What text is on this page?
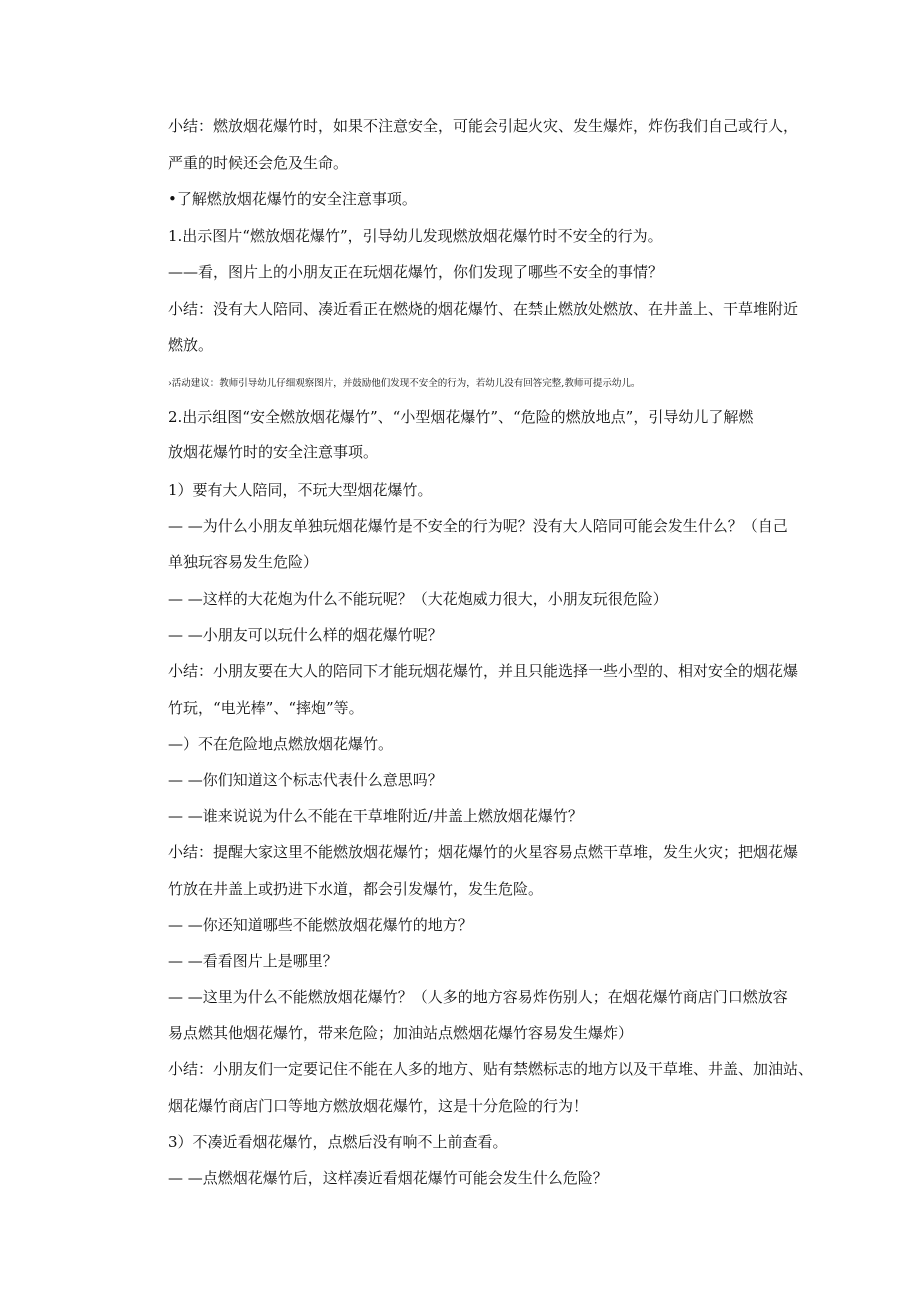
小结：燃放烟花爆竹时，如果不注意安全，可能会引起火灾、发生爆炸，炸伤我们自己或行人，
严重的时候还会危及生命。
•了解燃放烟花爆竹的安全注意事项。
1.出示图片“燃放烟花爆竹”，引导幼儿发现燃放烟花爆竹时不安全的行为。
——看，图片上的小朋友正在玩烟花爆竹，你们发现了哪些不安全的事情？
小结：没有大人陪同、凑近看正在燃烧的烟花爆竹、在禁止燃放处燃放、在井盖上、干草堆附近
燃放。
›活动建议：教师引导幼儿仔细观察图片，并鼓励他们发现不安全的行为，若幼儿没有回答完整,教师可提示幼儿。
2.出示组图“安全燃放烟花爆竹”、“小型烟花爆竹”、“危险的燃放地点”，引导幼儿了解燃
放烟花爆竹时的安全注意事项。
1）要有大人陪同，不玩大型烟花爆竹。
— —为什么小朋友单独玩烟花爆竹是不安全的行为呢？没有大人陪同可能会发生什么？（自己
单独玩容易发生危险）
— —这样的大花炮为什么不能玩呢？（大花炮威力很大，小朋友玩很危险）
— —小朋友可以玩什么样的烟花爆竹呢？
小结：小朋友要在大人的陪同下才能玩烟花爆竹，并且只能选择一些小型的、相对安全的烟花爆
竹玩，“电光棒”、“摔炮”等。
—）不在危险地点燃放烟花爆竹。
— —你们知道这个标志代表什么意思吗？
— —谁来说说为什么不能在干草堆附近/井盖上燃放烟花爆竹？
小结：提醒大家这里不能燃放烟花爆竹；烟花爆竹的火星容易点燃干草堆，发生火灾；把烟花爆
竹放在井盖上或扔进下水道，都会引发爆竹，发生危险。
— —你还知道哪些不能燃放烟花爆竹的地方？
— —看看图片上是哪里？
— —这里为什么不能燃放烟花爆竹？（人多的地方容易炸伤别人；在烟花爆竹商店门口燃放容
易点燃其他烟花爆竹，带来危险；加油站点燃烟花爆竹容易发生爆炸）
小结：小朋友们一定要记住不能在人多的地方、贴有禁燃标志的地方以及干草堆、井盖、加油站、
烟花爆竹商店门口等地方燃放烟花爆竹，这是十分危险的行为！
3）不凑近看烟花爆竹，点燃后没有响不上前查看。
— —点燃烟花爆竹后，这样凑近看烟花爆竹可能会发生什么危险？
